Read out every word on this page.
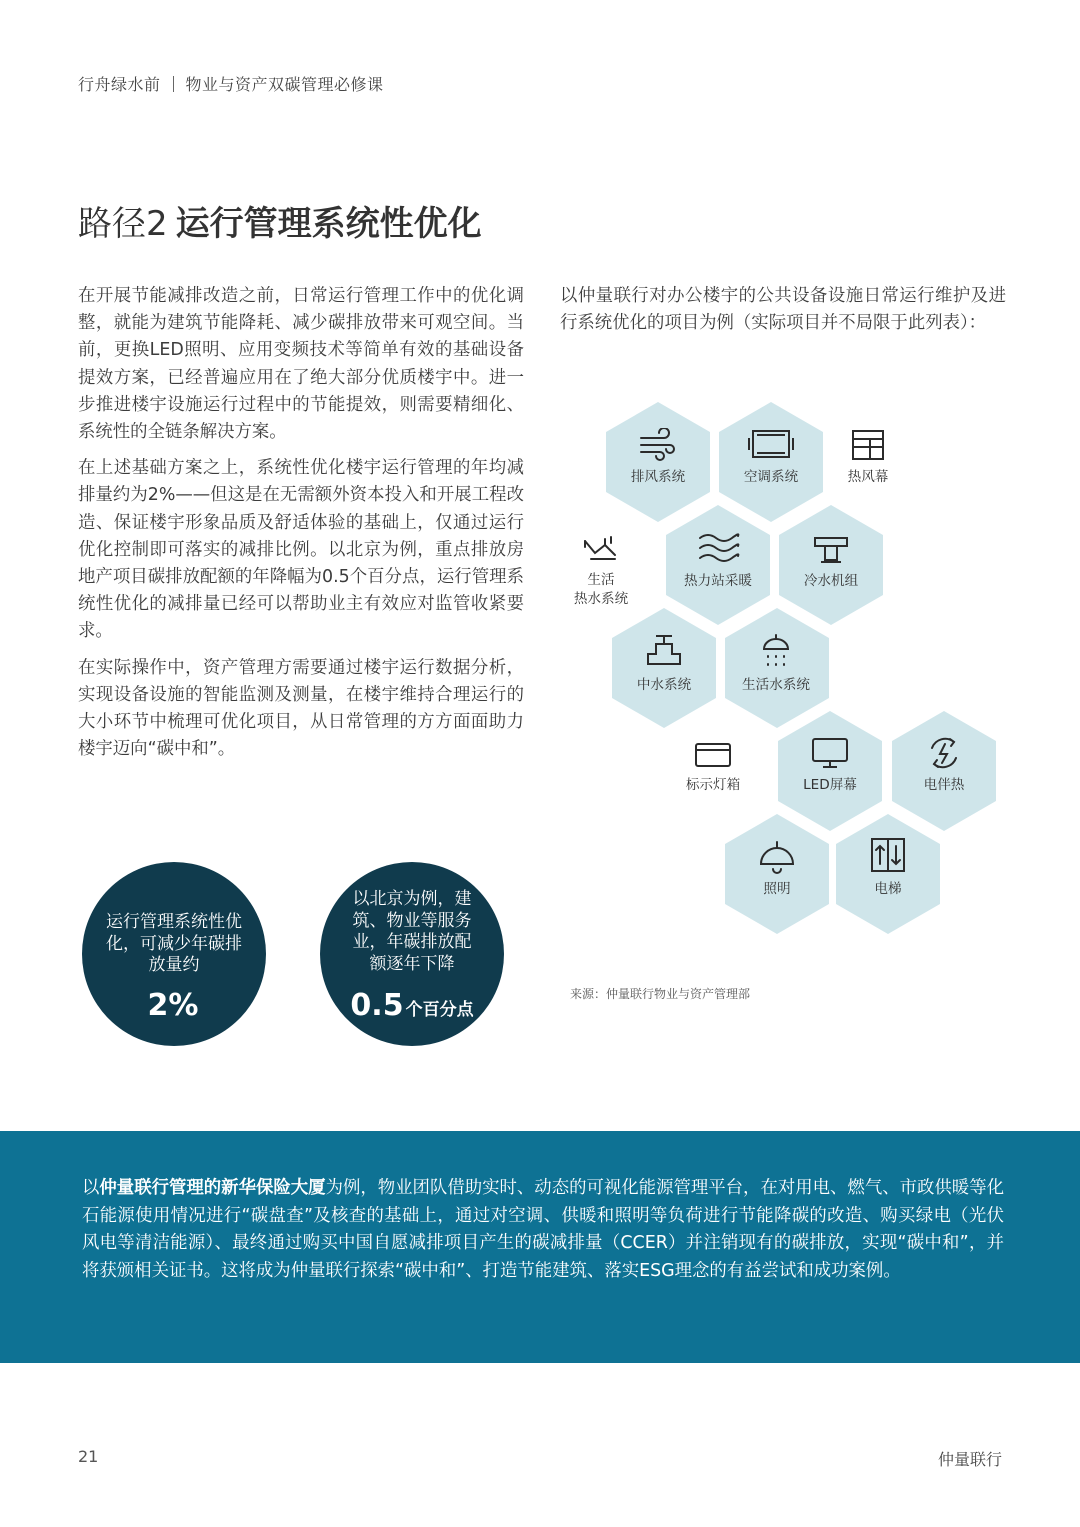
行舟绿水前 物业与资产双碳管理必修课
路径2 运行管理系统性优化

在开展节能减排改造之前，日常运行管理工作中的优化调整，就能为建筑节能降耗、减少碳排放带来可观空间。当前，更换LED照明、应用变频技术等简单有效的基础设备提效方案，已经普遍应用在了绝大部分优质楼宇中。进一步推进楼宇设施运行过程中的节能提效，则需要精细化、系统性的全链条解决方案。

在上述基础方案之上，系统性优化楼宇运行管理的年均减排量约为2%——但这是在无需额外资本投入和开展工程改造、保证楼宇形象品质及舒适体验的基础上，仅通过运行优化控制即可落实的减排比例。以北京为例，重点排放房地产项目碳排放配额的年降幅为0.5个百分点，运行管理系统性优化的减排量已经可以帮助业主有效应对监管收紧要求。

在实际操作中，资产管理方需要通过楼宇运行数据分析，实现设备设施的智能监测及测量，在楼宇维持合理运行的大小环节中梳理可优化项目，从日常管理的方方面面助力楼宇迈向“碳中和”。

以仲量联行对办公楼宇的公共设备设施日常运行维护及进行系统优化的项目为例（实际项目并不局限于此列表）：
运行管理系统性优化，可减少年碳排放量约
2%
以北京为例，建筑、物业等服务业，年碳排放配额逐年下降
0.5 个百分点
排风系统	空调系统	热风幕
生活
热水系统
热力站采暖	冷水机组
中水系统	生活水系统
标示灯箱	LED屏幕	电伴热
照明	电梯
来源：仲量联行物业与资产管理部
以仲量联行管理的新华保险大厦为例，物业团队借助实时、动态的可视化能源管理平台，在对用电、燃气、市政供暖等化石能源使用情况进行“碳盘查”及核查的基础上，通过对空调、供暖和照明等负荷进行节能降碳的改造、购买绿电（光伏风电等清洁能源）、最终通过购买中国自愿减排项目产生的碳减排量（CCER）并注销现有的碳排放，实现“碳中和”，并将获颁相关证书。这将成为仲量联行探索“碳中和”、打造节能建筑、落实ESG理念的有益尝试和成功案例。
21	仲量联行
